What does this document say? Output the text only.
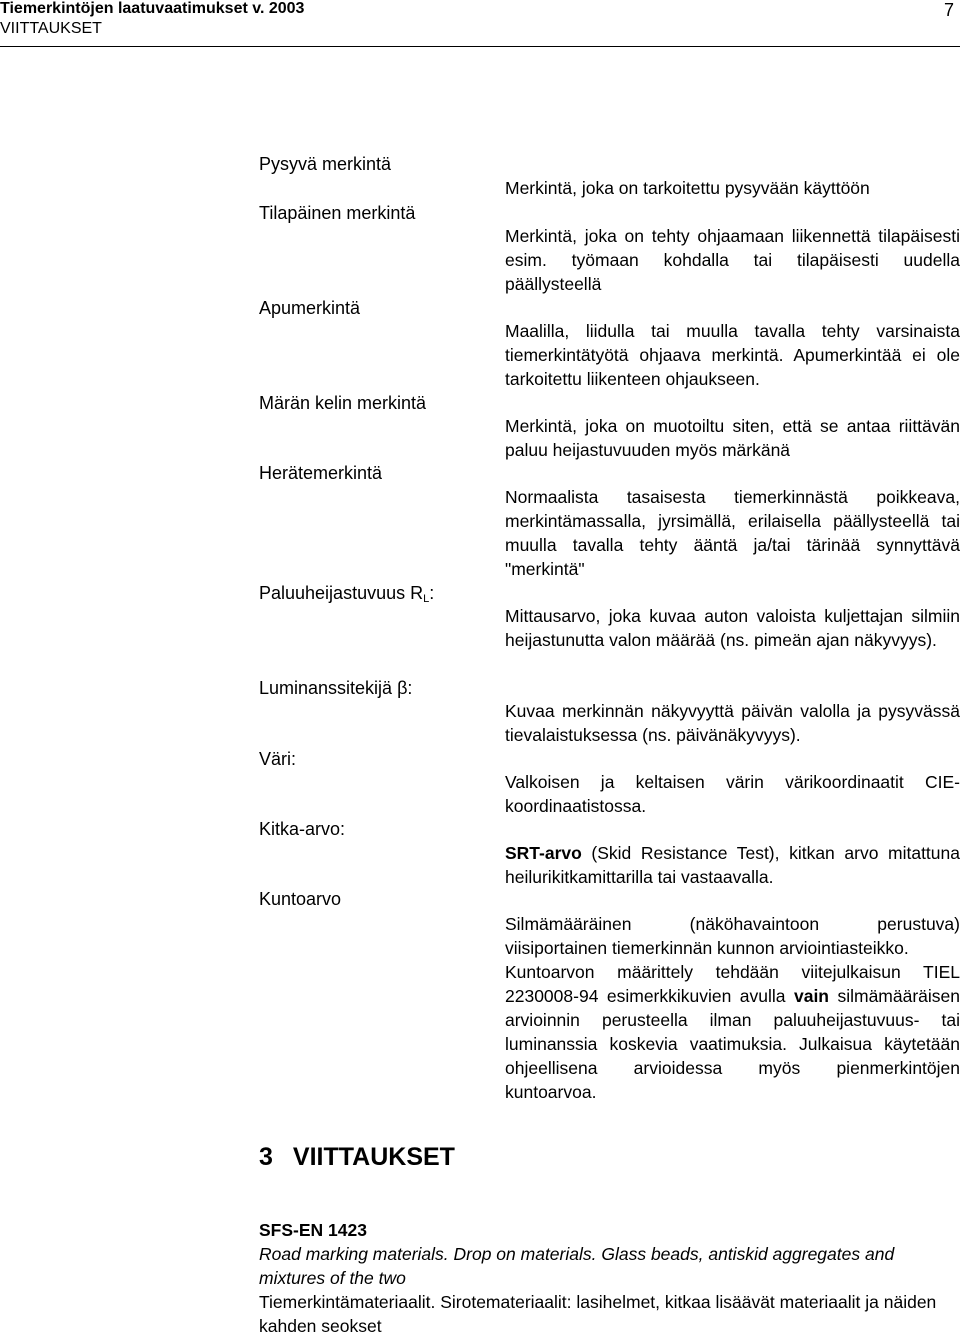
Tiemerkintöjen laatuvaatimukset v. 2003
VIITTAUKSET
7
Pysyvä merkintä
Tilapäinen merkintä
Apumerkintä
Märän kelin merkintä
Herätemerkintä
Paluuheijastuvuus $R_L$:
Luminanssitekijä β:
Väri:
Kitka-arvo:
Kuntoarvo

Merkintä, joka on tarkoitettu pysyvään käyttöön

Merkintä, joka on tehty ohjaamaan liikennettä tilapäisesti esim. työmaan kohdalla tai tilapäisesti uudella päällysteellä

Maalilla, liidulla tai muulla tavalla tehty varsinaista tiemerkintätyötä ohjaava merkintä. Apumerkintää ei ole tarkoitettu liikenteen ohjaukseen.

Merkintä, joka on muotoiltu siten, että se antaa riittävän paluu heijastuvuuden myös märkänä

Normaalista tasaisesta tiemerkinnästä poikkeava, merkintämassalla, jyrsimällä, erilaisella päällysteellä tai muulla tavalla tehty ääntä ja/tai tärinää synnyttävä "merkintä"

Mittausarvo, joka kuvaa auton valoista kuljettajan silmiin heijastunutta valon määrää (ns. pimeän ajan näkyvyys).

Kuvaa merkinnän näkyvyyttä päivän valolla ja pysyvässä tievalaistuksessa (ns. päivänäkyvyys).

Valkoisen ja keltaisen värin värikoordinaatit CIE-koordinaatistossa.

SRT-arvo (Skid Resistance Test), kitkan arvo mitattuna heilurikitkamittarilla tai vastaavalla.

Silmämääräinen (näköhavaintoon perustuva) viisiportainen tiemerkinnän kunnon arviointiasteikko.

Kuntoarvon määrittely tehdään viitejulkaisun TIEL 2230008-94 esimerkkikuvien avulla vain silmämääräisen arvioinnin perusteella ilman paluuheijastuvuus- tai luminanssia koskevia vaatimuksia. Julkaisua käytetään ohjeellisena arvioidessa myös pienmerkintöjen kuntoarvoa.

3 VIITTAUKSET
SFS-EN 1423
Road marking materials. Drop on materials. Glass beads, antiskid aggregates and mixtures of the two
Tiemerkintämateriaalit. Sirotemateriaalit: lasihelmet, kitkaa lisäävät materiaalit ja näiden kahden seokset
